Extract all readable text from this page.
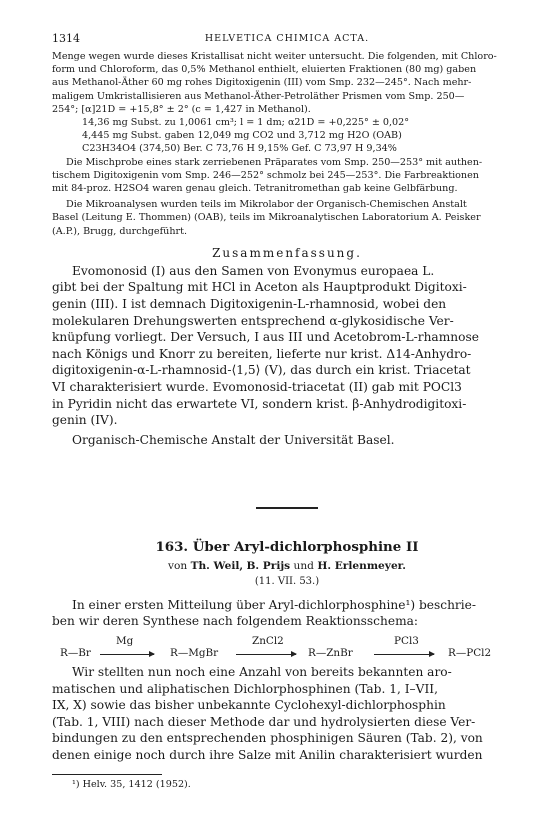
1314	HELVETICA CHIMICA ACTA.
Menge wegen wurde dieses Kristallisat nicht weiter untersucht. Die folgenden, mit Chloro-
form und Chloroform, das 0,5% Methanol enthielt, eluierten Fraktionen (80 mg) gaben
aus Methanol-Äther 60 mg rohes Digitoxigenin (III) vom Smp. 232—245°. Nach mehr-
maligem Umkristallisieren aus Methanol-Äther-Petroläther Prismen vom Smp. 250—
254°; [α]21D = +15,8° ± 2° (c = 1,427 in Methanol).
14,36 mg Subst. zu 1,0061 cm³; l = 1 dm; α21D = +0,225° ± 0,02°
4,445 mg Subst. gaben 12,049 mg CO2 und 3,712 mg H2O (OAB)
C23H34O4 (374,50) Ber. C 73,76 H 9,15% Gef. C 73,97 H 9,34%
Die Mischprobe eines stark zerriebenen Präparates vom Smp. 250—253° mit authen-
tischem Digitoxigenin vom Smp. 246—252° schmolz bei 245—253°. Die Farbreaktionen
mit 84-proz. H2SO4 waren genau gleich. Tetranitromethan gab keine Gelbfärbung.
Die Mikroanalysen wurden teils im Mikrolabor der Organisch-Chemischen Anstalt
Basel (Leitung E. Thommen) (OAB), teils im Mikroanalytischen Laboratorium A. Peisker
(A.P.), Brugg, durchgeführt.
Zusammenfassung.
Evomonosid (I) aus den Samen von Evonymus europaea L.
gibt bei der Spaltung mit HCl in Aceton als Hauptprodukt Digitoxi-
genin (III). I ist demnach Digitoxigenin-L-rhamnosid, wobei den
molekularen Drehungswerten entsprechend α-glykosidische Ver-
knüpfung vorliegt. Der Versuch, I aus III und Acetobrom-L-rhamnose
nach Königs und Knorr zu bereiten, lieferte nur krist. Δ14-Anhydro-
digitoxigenin-α-L-rhamnosid-⟨1,5⟩ (V), das durch ein krist. Triacetat
VI charakterisiert wurde. Evomonosid-triacetat (II) gab mit POCl3
in Pyridin nicht das erwartete VI, sondern krist. β-Anhydrodigitoxi-
genin (IV).
Organisch-Chemische Anstalt der Universität Basel.
163. Über Aryl-dichlorphosphine II
von Th. Weil, B. Prijs und H. Erlenmeyer.
(11. VII. 53.)
In einer ersten Mitteilung über Aryl-dichlorphosphine¹) beschrie-
ben wir deren Synthese nach folgendem Reaktionsschema:
R—Br
Mg
R—MgBr
ZnCl2
R—ZnBr
PCl3
R—PCl2
Wir stellten nun noch eine Anzahl von bereits bekannten aro-
matischen und aliphatischen Dichlorphosphinen (Tab. 1, I–VII,
IX, X) sowie das bisher unbekannte Cyclohexyl-dichlorphosphin
(Tab. 1, VIII) nach dieser Methode dar und hydrolysierten diese Ver-
bindungen zu den entsprechenden phosphinigen Säuren (Tab. 2), von
denen einige noch durch ihre Salze mit Anilin charakterisiert wurden
¹) Helv. 35, 1412 (1952).
